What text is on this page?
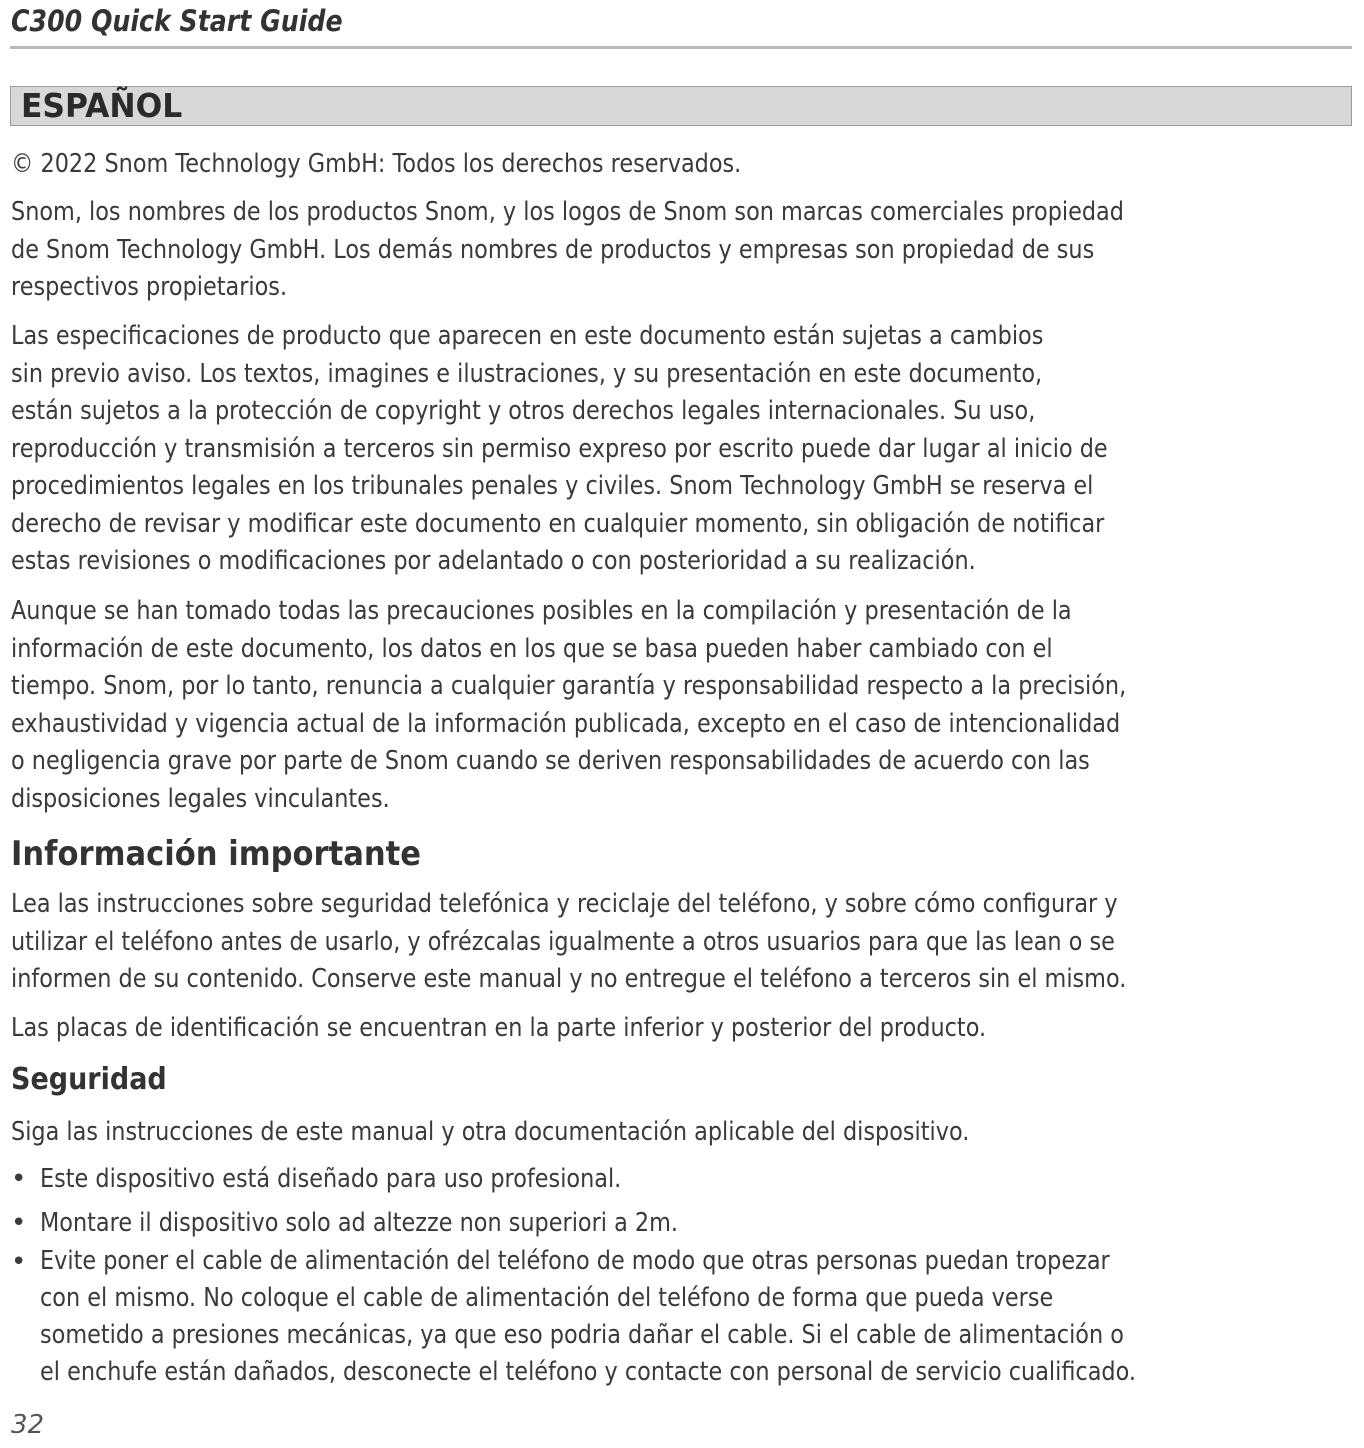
C300 Quick Start Guide
ESPAÑOL

© 2022 Snom Technology GmbH: Todos los derechos reservados.

Snom, los nombres de los productos Snom, y los logos de Snom son marcas comerciales propiedad
de Snom Technology GmbH. Los demás nombres de productos y empresas son propiedad de sus
respectivos propietarios.

Las especificaciones de producto que aparecen en este documento están sujetas a cambios
sin previo aviso. Los textos, imagines e ilustraciones, y su presentación en este documento,
están sujetos a la protección de copyright y otros derechos legales internacionales. Su uso,
reproducción y transmisión a terceros sin permiso expreso por escrito puede dar lugar al inicio de
procedimientos legales en los tribunales penales y civiles. Snom Technology GmbH se reserva el
derecho de revisar y modificar este documento en cualquier momento, sin obligación de notificar
estas revisiones o modificaciones por adelantado o con posterioridad a su realización.

Aunque se han tomado todas las precauciones posibles en la compilación y presentación de la
información de este documento, los datos en los que se basa pueden haber cambiado con el
tiempo. Snom, por lo tanto, renuncia a cualquier garantía y responsabilidad respecto a la precisión,
exhaustividad y vigencia actual de la información publicada, excepto en el caso de intencionalidad
o negligencia grave por parte de Snom cuando se deriven responsabilidades de acuerdo con las
disposiciones legales vinculantes.

Información importante

Lea las instrucciones sobre seguridad telefónica y reciclaje del teléfono, y sobre cómo configurar y
utilizar el teléfono antes de usarlo, y ofrézcalas igualmente a otros usuarios para que las lean o se
informen de su contenido. Conserve este manual y no entregue el teléfono a terceros sin el mismo.

Las placas de identificación se encuentran en la parte inferior y posterior del producto.

Seguridad

Siga las instrucciones de este manual y otra documentación aplicable del dispositivo.

• Este dispositivo está diseñado para uso profesional.
• Montare il dispositivo solo ad altezze non superiori a 2m.
• Evite poner el cable de alimentación del teléfono de modo que otras personas puedan tropezar
con el mismo. No coloque el cable de alimentación del teléfono de forma que pueda verse
sometido a presiones mecánicas, ya que eso podria dañar el cable. Si el cable de alimentación o
el enchufe están dañados, desconecte el teléfono y contacte con personal de servicio cualificado.
32
